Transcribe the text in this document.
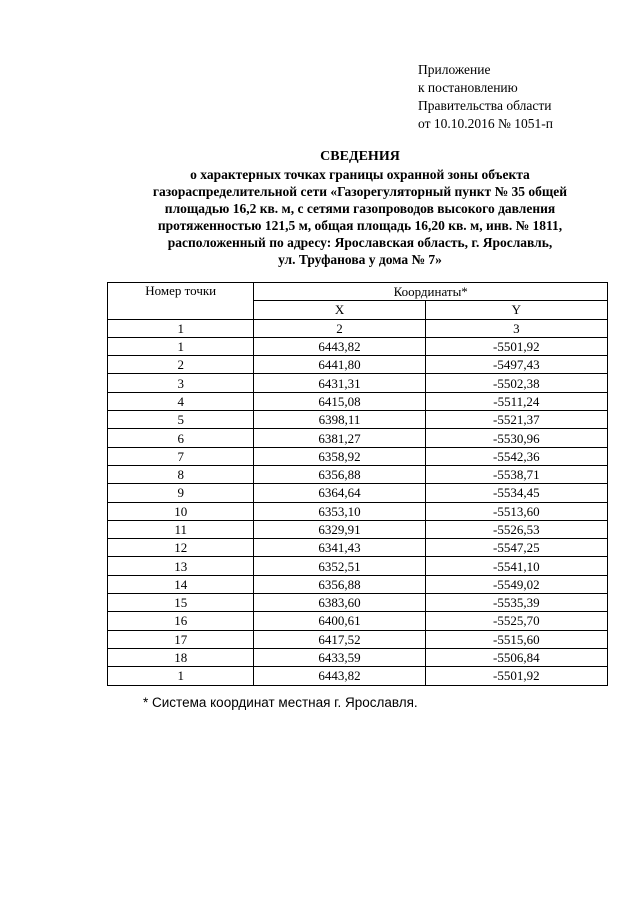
Приложение
к постановлению
Правительства области
от 10.10.2016 № 1051-п
СВЕДЕНИЯ
о характерных точках границы охранной зоны объекта
газораспределительной сети «Газорегуляторный пункт № 35 общей
площадью 16,2 кв. м, с сетями газопроводов высокого давления
протяженностью 121,5 м, общая площадь 16,20 кв. м, инв. № 1811,
расположенный по адресу: Ярославская область, г. Ярославль,
ул. Труфанова у дома № 7»
Номер точки	Координаты*	
	X	Y
1	2	3
1	6443,82	-5501,92
2	6441,80	-5497,43
3	6431,31	-5502,38
4	6415,08	-5511,24
5	6398,11	-5521,37
6	6381,27	-5530,96
7	6358,92	-5542,36
8	6356,88	-5538,71
9	6364,64	-5534,45
10	6353,10	-5513,60
11	6329,91	-5526,53
12	6341,43	-5547,25
13	6352,51	-5541,10
14	6356,88	-5549,02
15	6383,60	-5535,39
16	6400,61	-5525,70
17	6417,52	-5515,60
18	6433,59	-5506,84
1	6443,82	-5501,92
* Система координат местная г. Ярославля.
